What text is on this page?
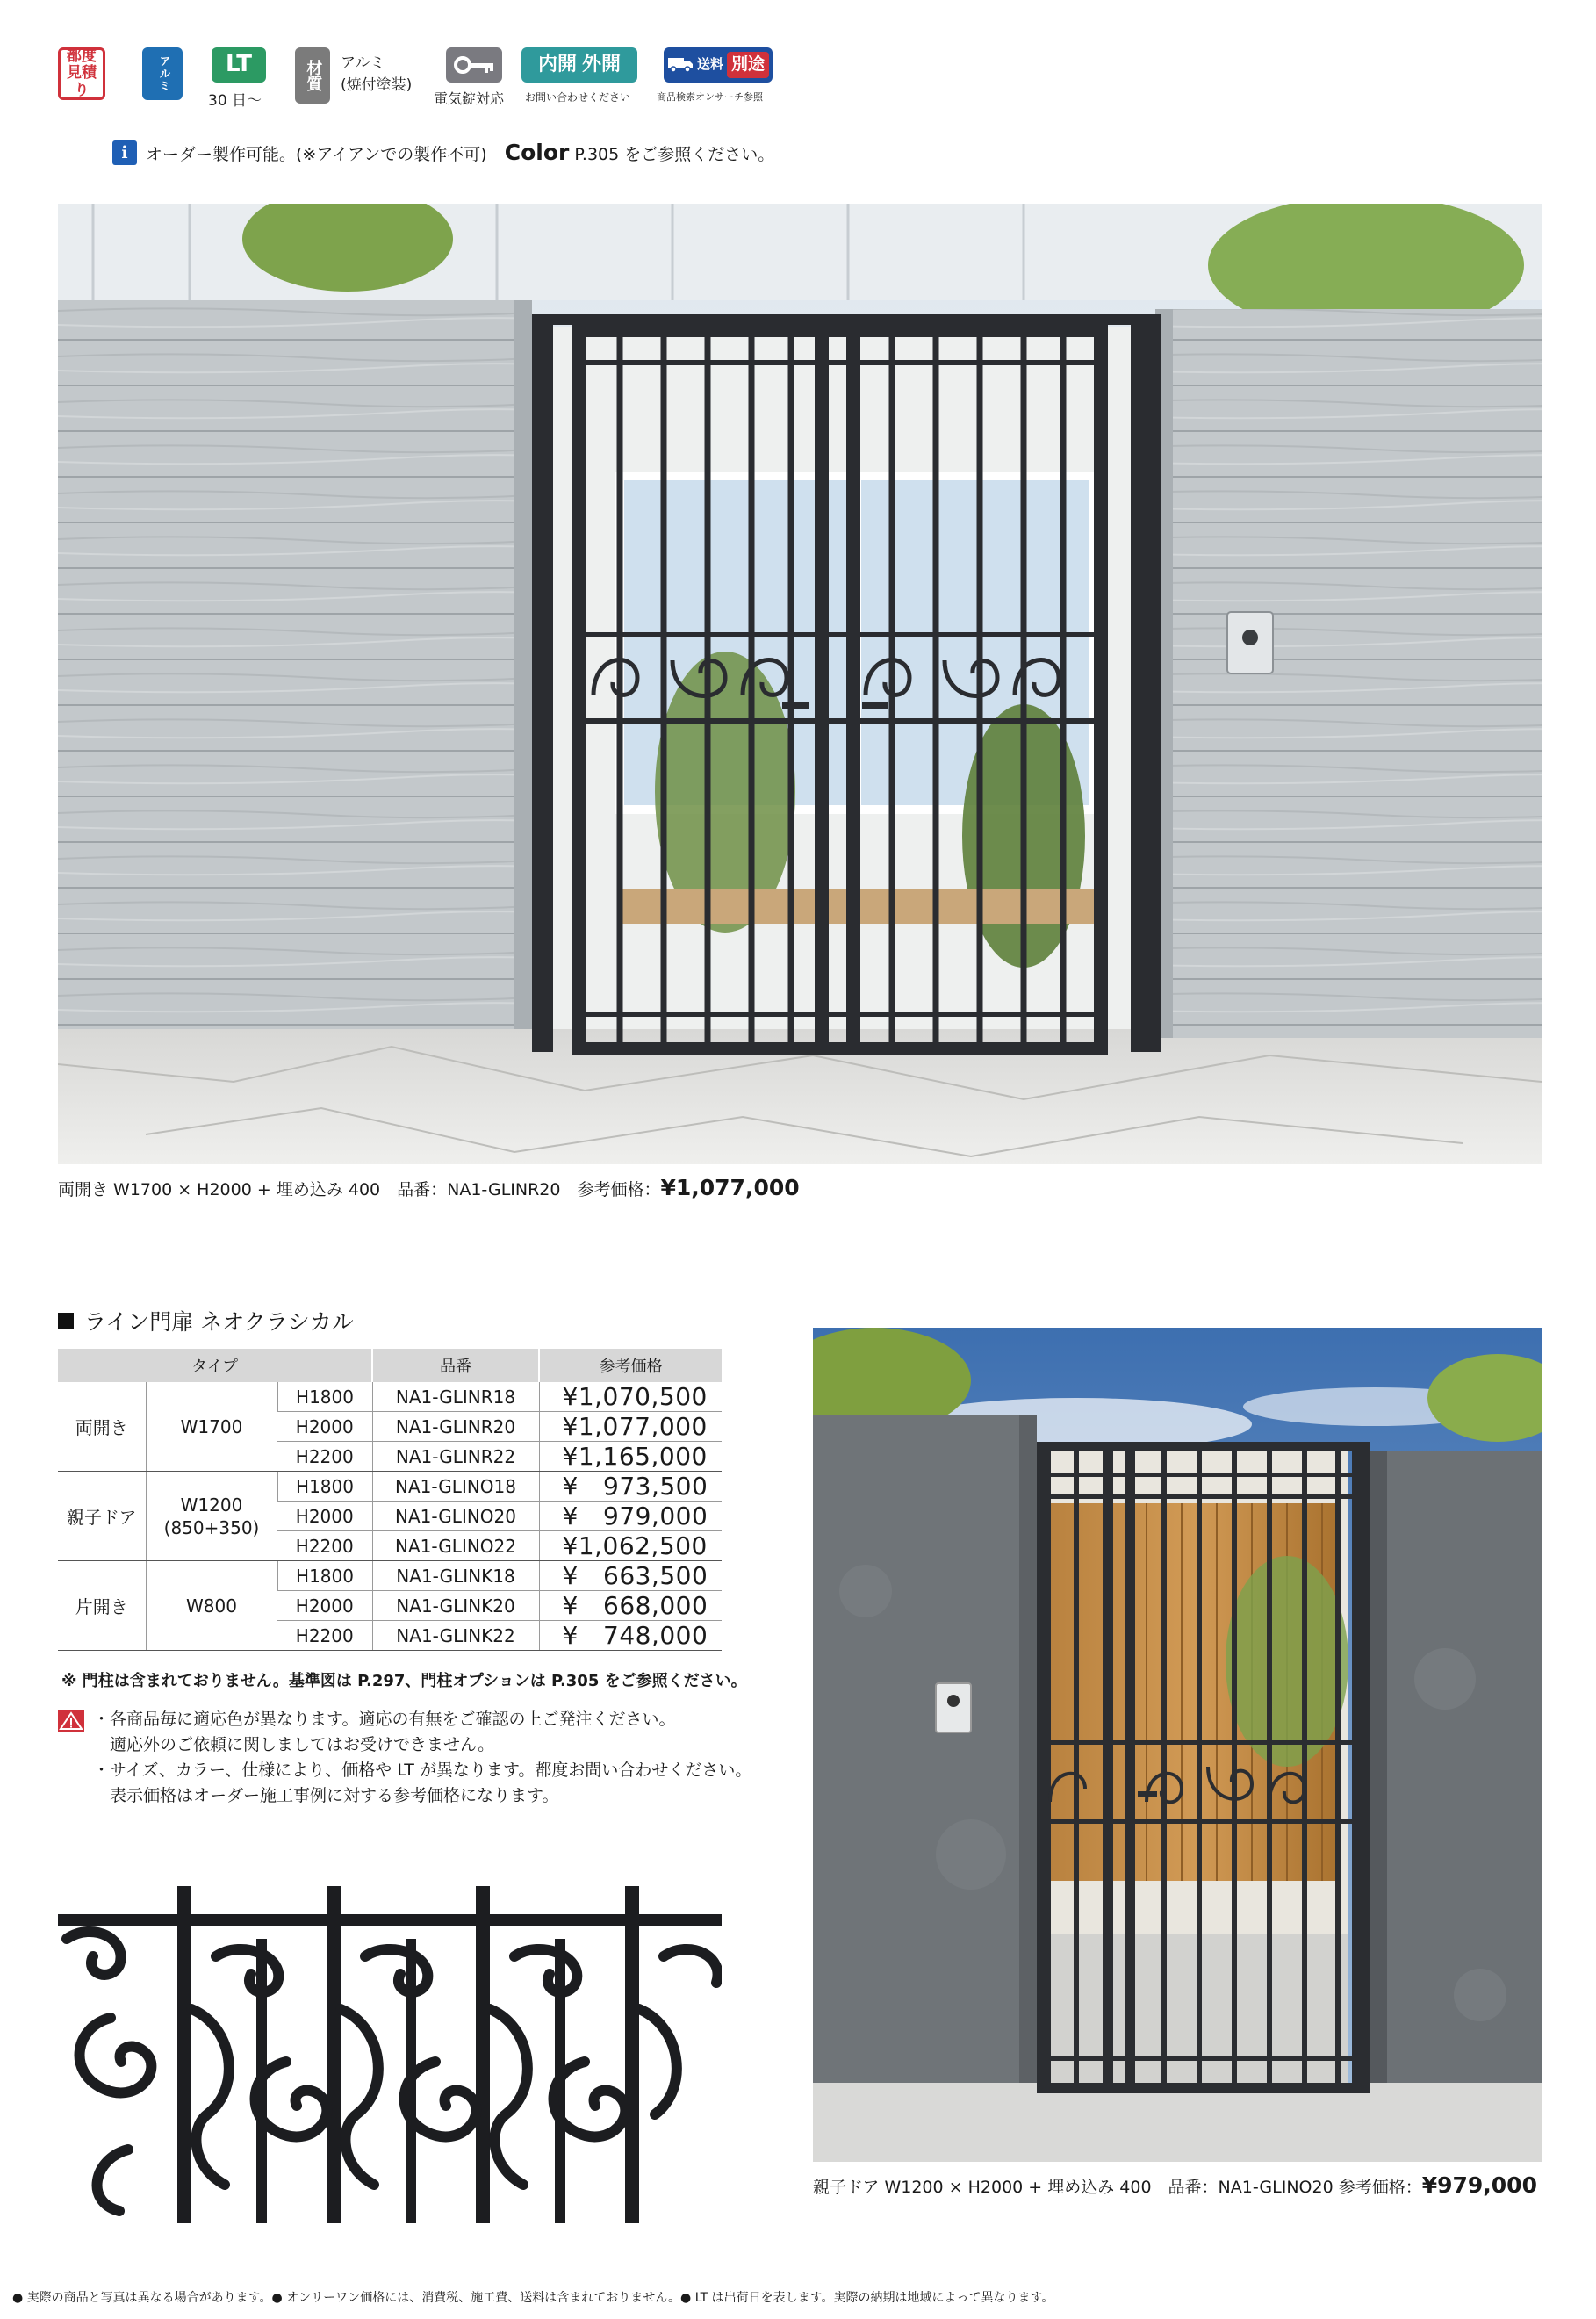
都度
見積り	アルミ LT
30 日〜
材質 アルミ
(焼付塗装)
電気錠対応
内開 外開
お問い合わせください
送料 別途
商品検索オンサーチ参照
i	オーダー製作可能。(※アイアンでの製作不可) Color P.305 をご参照ください。
両開き W1700 × H2000 + 埋め込み 400　品番：NA1-GLINR20　参考価格：¥1,077,000
ライン門扉 ネオクラシカル
タイプ			品番	参考価格
両開き	W1700	H1800	NA1-GLINR18	¥1,070,500
		H2000	NA1-GLINR20	¥1,077,000
		H2200	NA1-GLINR22	¥1,165,000
親子ドア	W1200
(850+350)	H1800	NA1-GLINO18	¥   973,500
		H2000	NA1-GLINO20	¥   979,000
		H2200	NA1-GLINO22	¥1,062,500
片開き	W800	H1800	NA1-GLINK18	¥   663,500
		H2000	NA1-GLINK20	¥   668,000
		H2200	NA1-GLINK22	¥   748,000
※ 門柱は含まれておりません。基準図は P.297、門柱オプションは P.305 をご参照ください。
・各商品毎に適応色が異なります。適応の有無をご確認の上ご発注ください。
　適応外のご依頼に関しましてはお受けできません。
・サイズ、カラー、仕様により、価格や LT が異なります。都度お問い合わせください。
　表示価格はオーダー施工事例に対する参考価格になります。
親子ドア W1200 × H2000 + 埋め込み 400　品番：NA1-GLINO20 参考価格：¥979,000
● 実際の商品と写真は異なる場合があります。● オンリーワン価格には、消費税、施工費、送料は含まれておりません。● LT は出荷日を表します。実際の納期は地域によって異なります。
